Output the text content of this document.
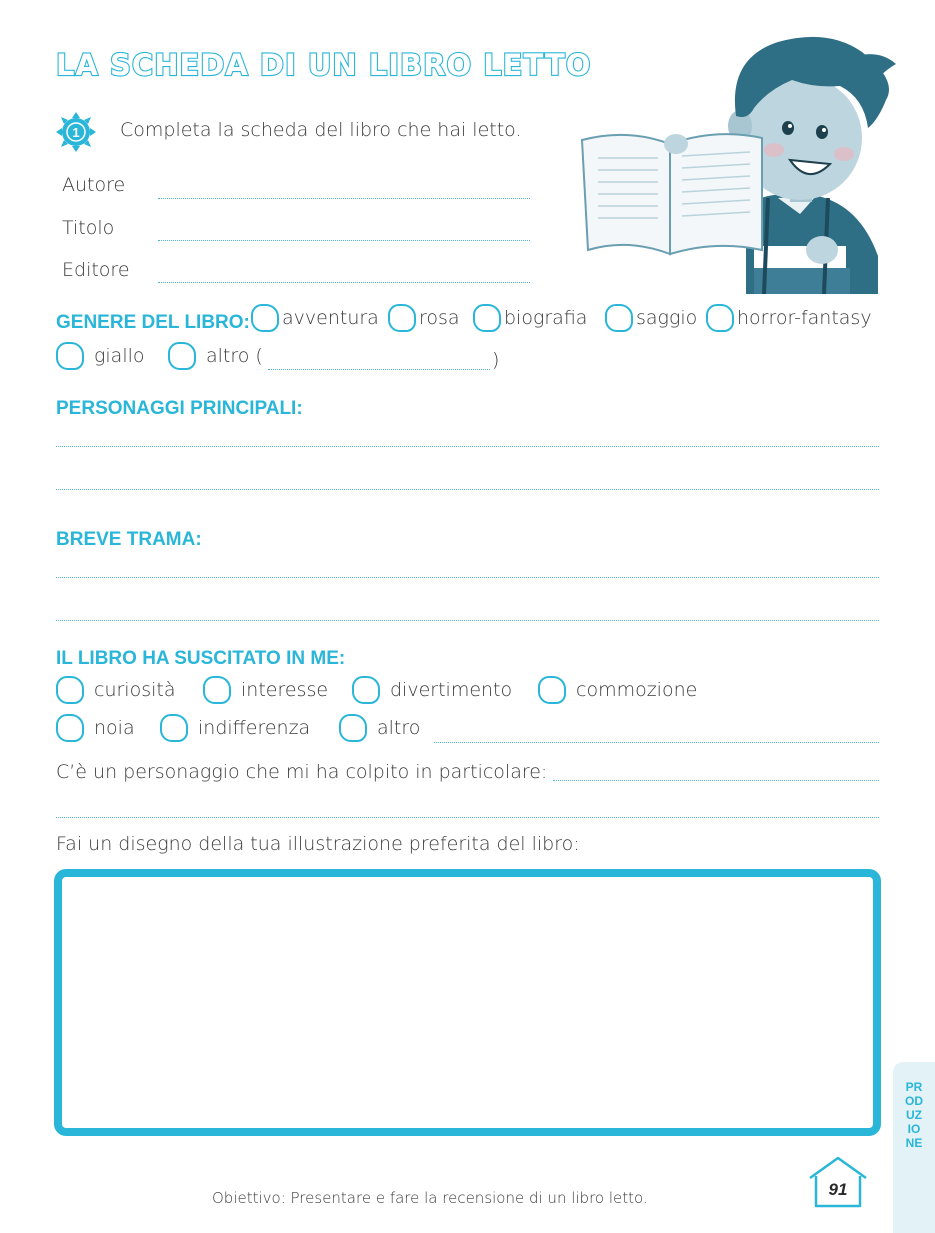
LA SCHEDA DI UN LIBRO LETTO
1 Completa la scheda del libro che hai letto.
Autore
Titolo
Editore
GENERE DEL LIBRO: avventura rosa biografia	saggio horror-fantasy
giallo	altro (	)
PERSONAGGI PRINCIPALI:
BREVE TRAMA:
IL LIBRO HA SUSCITATO IN ME:
curiosità	interesse	divertimento	commozione
noia	indifferenza	altro
C’è un personaggio che mi ha colpito in particolare:
Fai un disegno della tua illustrazione preferita del libro:
Obiettivo: Presentare e fare la recensione di un libro letto.	91
PRODUZIONE
